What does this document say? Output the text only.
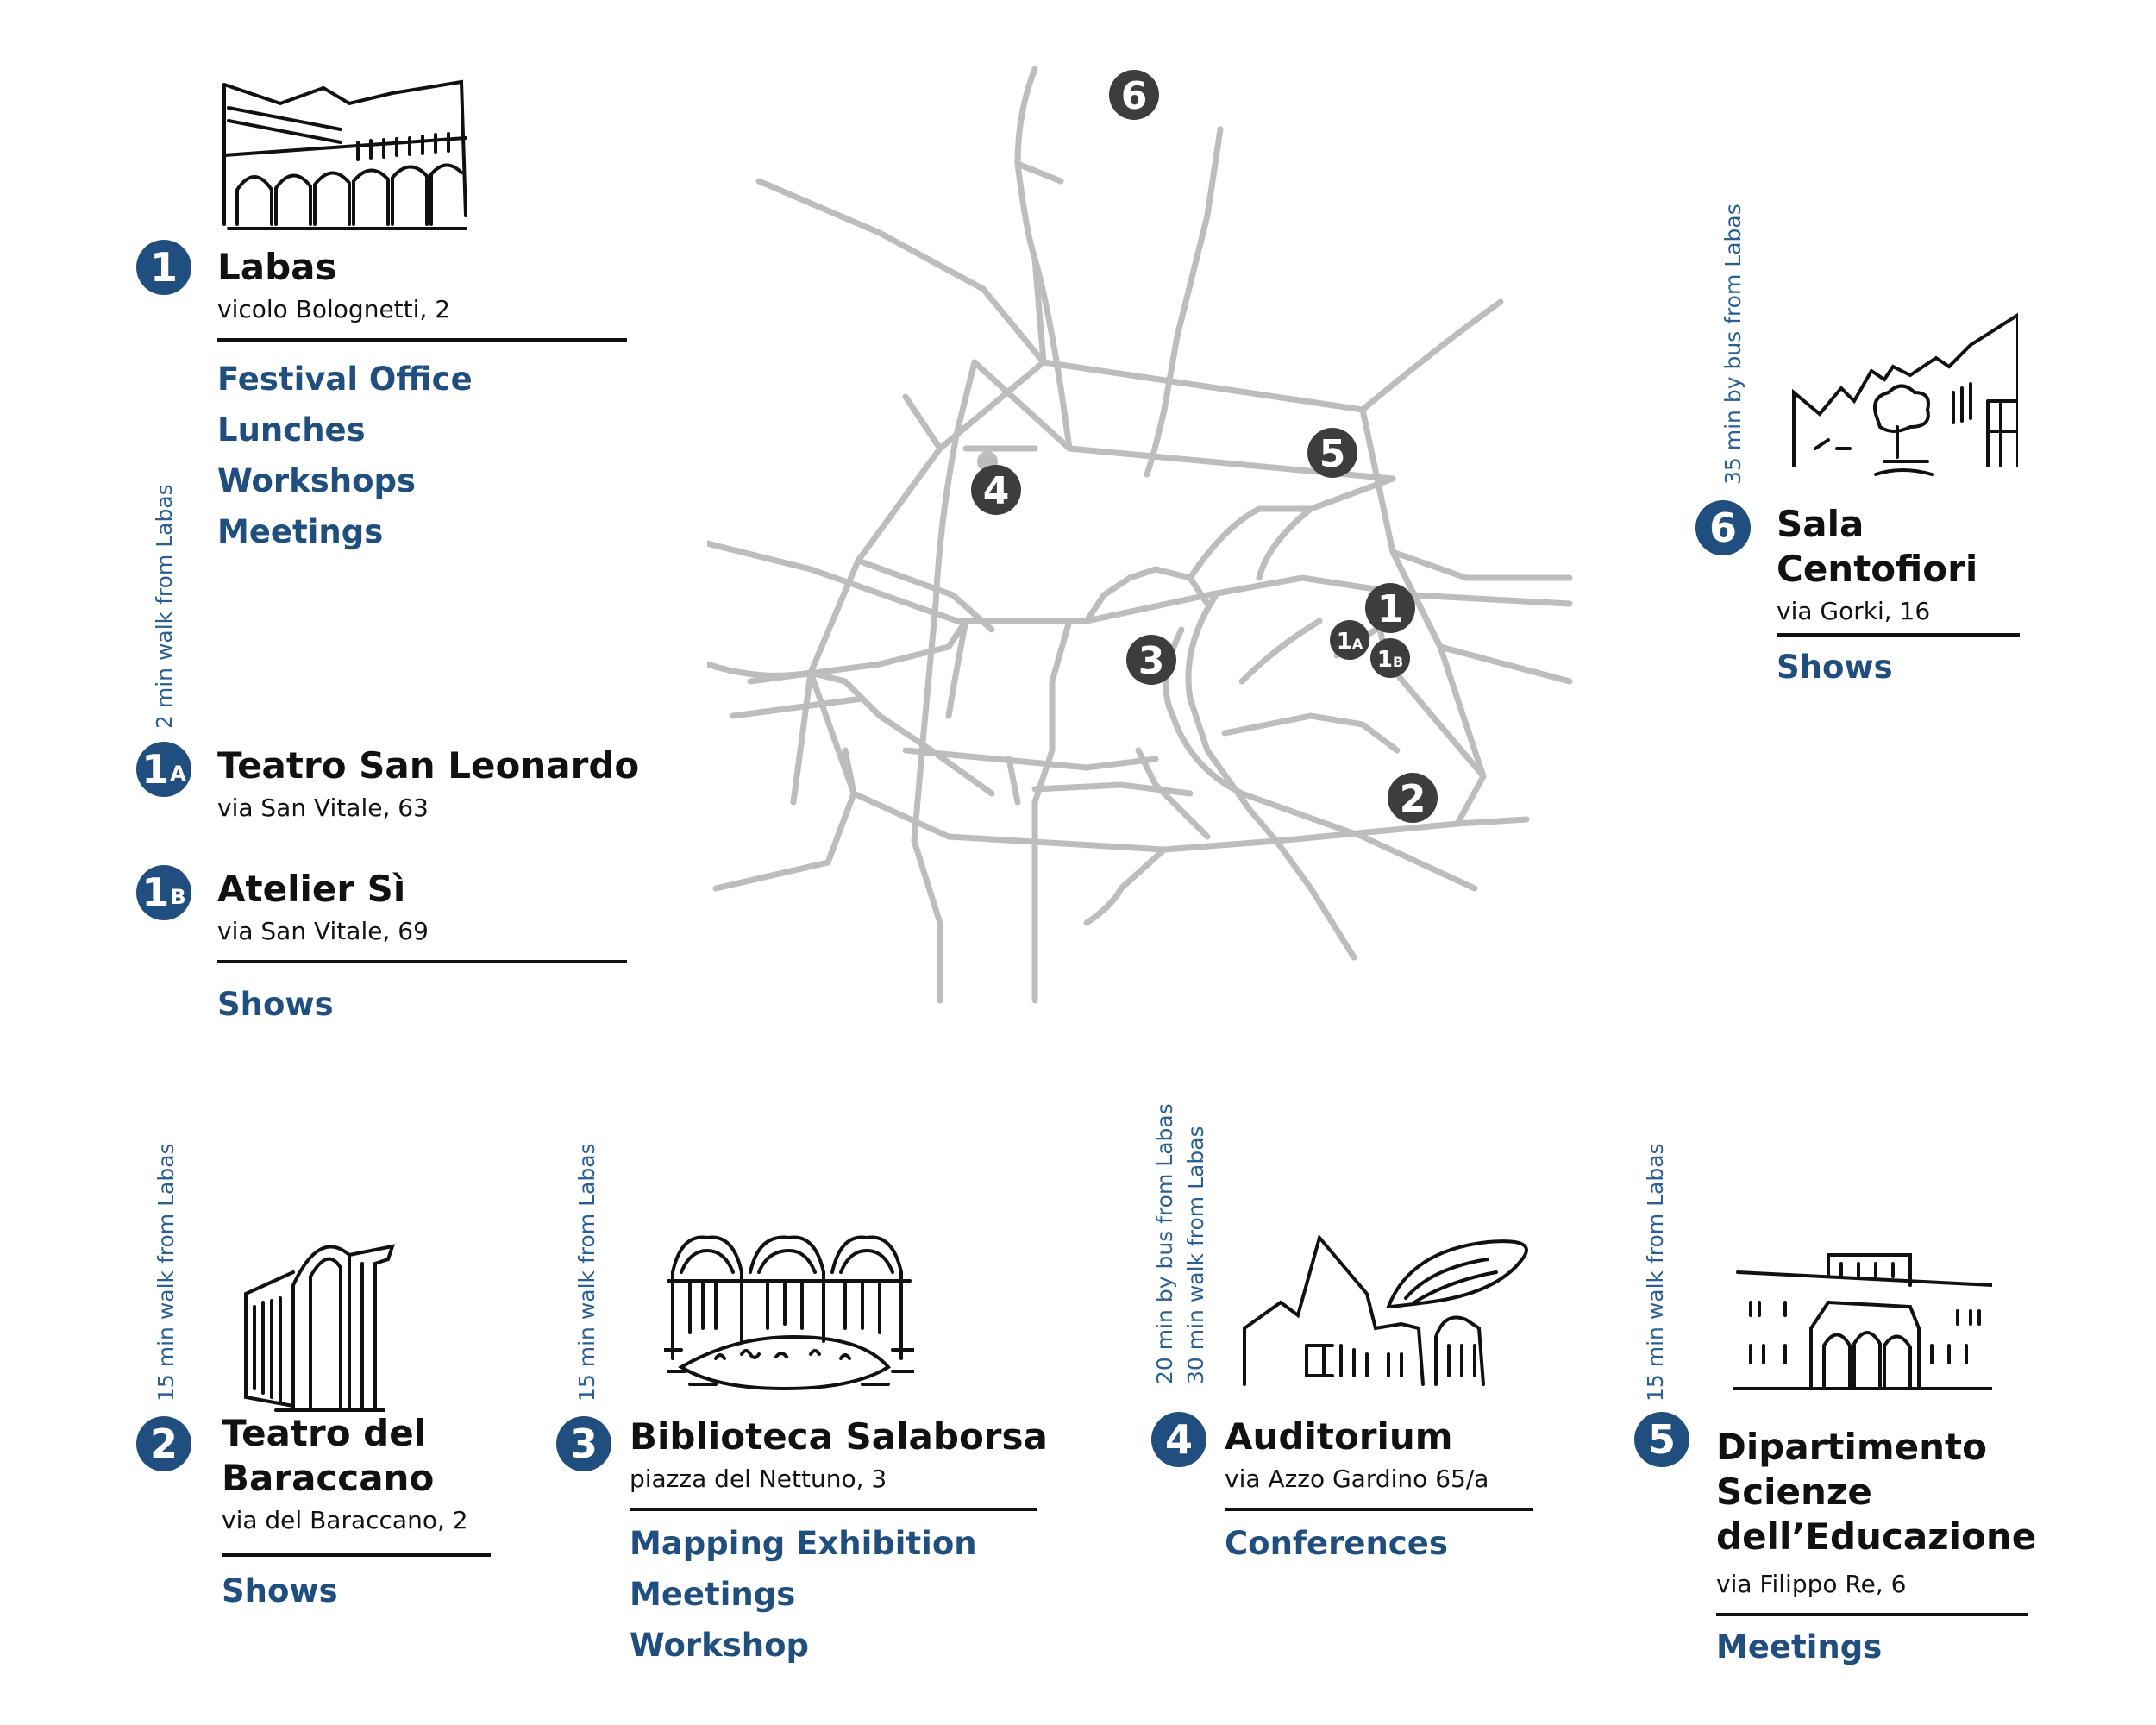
1 Labas
vicolo Bolognetti, 2
Festival Office
Lunches
Workshops
Meetings
2 min walk from Labas
1 A Teatro San Leonardo
via San Vitale, 63
1 B Atelier Sì
via San Vitale, 69
Shows
35 min by bus from Labas
6 Sala
Centofiori
via Gorki, 16
Shows
6
5
4
1
1A
1B
3
2
15 min walk from Labas
2 Teatro del
Baraccano
via del Baraccano, 2
Shows
15 min walk from Labas
3 Biblioteca Salaborsa
piazza del Nettuno, 3
Mapping Exhibition
Meetings
Workshop
20 min by bus from Labas 30 min walk from Labas
4 Auditorium
via Azzo Gardino 65/a
Conferences
15 min walk from Labas
5 Dipartimento
Scienze
dell’Educazione
via Filippo Re, 6
Meetings
